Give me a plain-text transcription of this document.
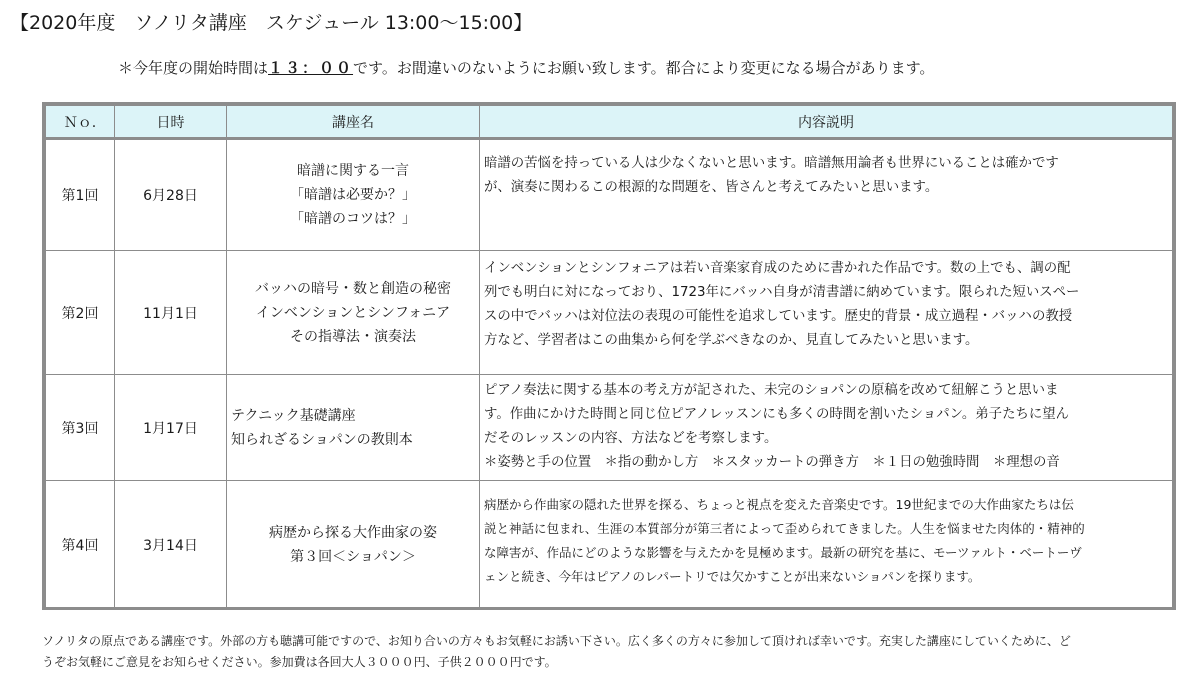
【2020年度　ソノリタ講座　スケジュール 13:00〜15:00】
＊今年度の開始時間は１３：００です。お間違いのないようにお願い致します。都合により変更になる場合があります。
Ｎｏ.	日時	講座名	内容説明
第1回	6月28日	暗譜に関する一言
「暗譜は必要か？」
「暗譜のコツは？」	暗譜の苦悩を持っている人は少なくないと思います。暗譜無用論者も世界にいることは確かです
が、演奏に関わるこの根源的な問題を、皆さんと考えてみたいと思います。

第2回	11月1日	バッハの暗号・数と創造の秘密
インベンションとシンフォニア
その指導法・演奏法	インベンションとシンフォニアは若い音楽家育成のために書かれた作品です。数の上でも、調の配
列でも明白に対になっており、1723年にバッハ自身が清書譜に納めています。限られた短いスペー
スの中でバッハは対位法の表現の可能性を追求しています。歴史的背景・成立過程・バッハの教授
方など、学習者はこの曲集から何を学ぶべきなのか、見直してみたいと思います。

第3回	1月17日	テクニック基礎講座
知られざるショパンの教則本	ピアノ奏法に関する基本の考え方が記された、未完のショパンの原稿を改めて紐解こうと思いま
す。作曲にかけた時間と同じ位ピアノレッスンにも多くの時間を割いたショパン。弟子たちに望ん
だそのレッスンの内容、方法などを考察します。
＊姿勢と手の位置　＊指の動かし方　＊スタッカートの弾き方　＊１日の勉強時間　＊理想の音

第4回	3月14日	病歴から探る大作曲家の姿
第３回＜ショパン＞	病歴から作曲家の隠れた世界を探る、ちょっと視点を変えた音楽史です。19世紀までの大作曲家たちは伝
説と神話に包まれ、生涯の本質部分が第三者によって歪められてきました。人生を悩ませた肉体的・精神的
な障害が、作品にどのような影響を与えたかを見極めます。最新の研究を基に、モーツァルト・ベートーヴ
ェンと続き、今年はピアノのレパートリでは欠かすことが出来ないショパンを探ります。
ソノリタの原点である講座です。外部の方も聴講可能ですので、お知り合いの方々もお気軽にお誘い下さい。広く多くの方々に参加して頂ければ幸いです。充実した講座にしていくために、ど
うぞお気軽にご意見をお知らせください。参加費は各回大人３０００円、子供２０００円です。
